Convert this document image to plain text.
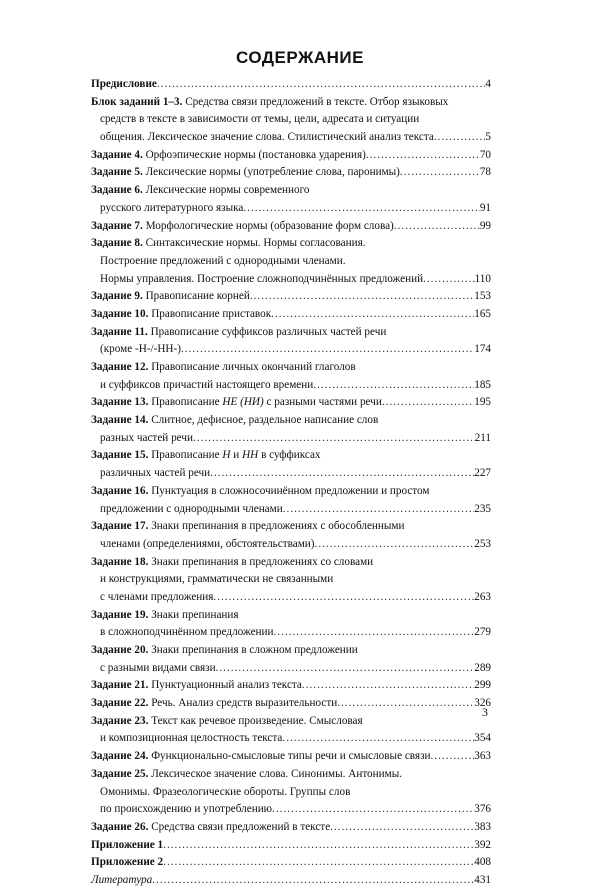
СОДЕРЖАНИЕ
Предисловие .....	4
Блок заданий 1–3. Средства связи предложений в тексте. Отбор языковых
средств в тексте в зависимости от темы, цели, адресата и ситуации
общения. Лексическое значение слова. Стилистический анализ текста .....	5
Задание 4. Орфоэпические нормы (постановка ударения) .....	70
Задание 5. Лексические нормы (употребление слова, паронимы) .....	78
Задание 6. Лексические нормы современного
русского литературного языка .....	91
Задание 7. Морфологические нормы (образование форм слова) .....	99
Задание 8. Синтаксические нормы. Нормы согласования.
Построение предложений с однородными членами.
Нормы управления. Построение сложноподчинённых предложений .....	110
Задание 9. Правописание корней .....	153
Задание 10. Правописание приставок .....	165
Задание 11. Правописание суффиксов различных частей речи
(кроме -Н-/-НН-) .....	174
Задание 12. Правописание личных окончаний глаголов
и суффиксов причастий настоящего времени .....	185
Задание 13. Правописание НЕ (НИ) с разными частями речи .....	195
Задание 14. Слитное, дефисное, раздельное написание слов
разных частей речи .....	211
Задание 15. Правописание Н и НН в суффиксах
различных частей речи .....	227
Задание 16. Пунктуация в сложносочинённом предложении и простом
предложении с однородными членами .....	235
Задание 17. Знаки препинания в предложениях с обособленными
членами (определениями, обстоятельствами) .....	253
Задание 18. Знаки препинания в предложениях со словами
и конструкциями, грамматически не связанными
с членами предложения .....	263
Задание 19. Знаки препинания
в сложноподчинённом предложении .....	279
Задание 20. Знаки препинания в сложном предложении
с разными видами связи .....	289
Задание 21. Пунктуационный анализ текста .....	299
Задание 22. Речь. Анализ средств выразительности .....	326
Задание 23. Текст как речевое произведение. Смысловая
и композиционная целостность текста .....	354
Задание 24. Функционально-смысловые типы речи и смысловые связи .....	363
Задание 25. Лексическое значение слова. Синонимы. Антонимы.
Омонимы. Фразеологические обороты. Группы слов
по происхождению и употреблению .....	376
Задание 26. Средства связи предложений в тексте .....	383
Приложение 1 .....	392
Приложение 2 .....	408
Литература .....	431
3
